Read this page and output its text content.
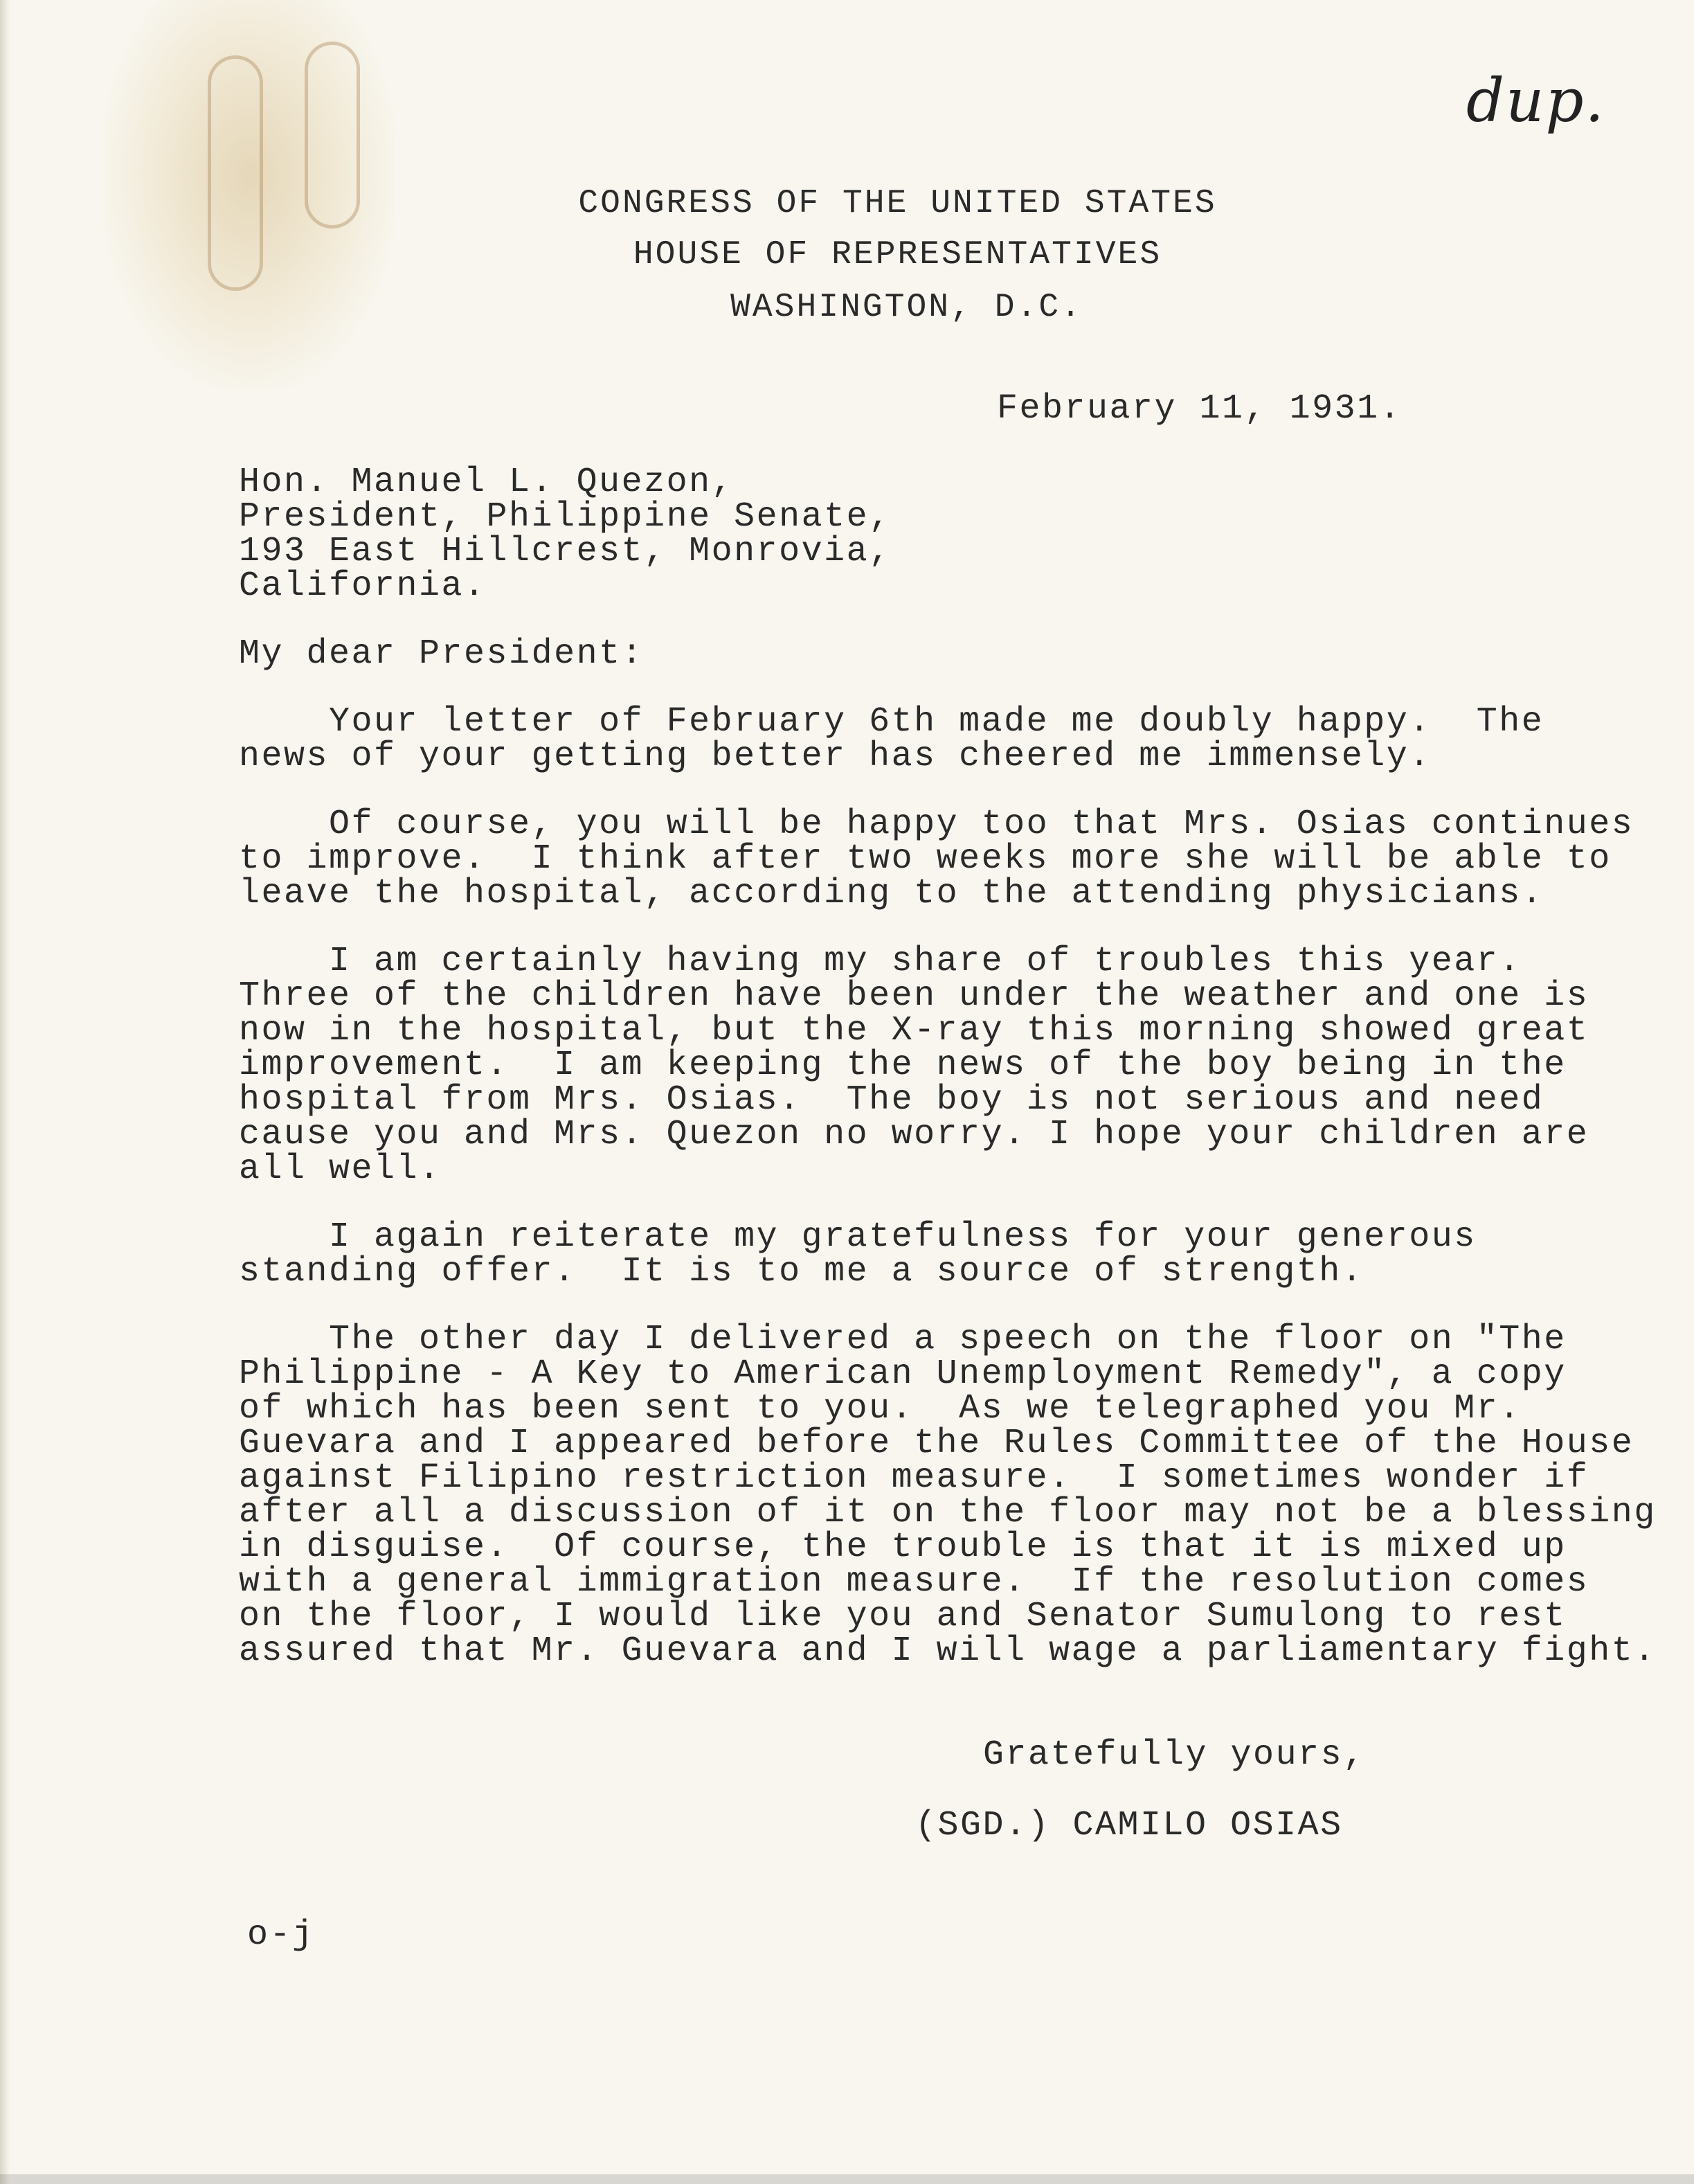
dup.
CONGRESS OF THE UNITED STATES
HOUSE OF REPRESENTATIVES
WASHINGTON, D.C.
February 11, 1931.
Hon. Manuel L. Quezon,
President, Philippine Senate,
193 East Hillcrest, Monrovia,
California.
My dear President:
Your letter of February 6th made me doubly happy.  The
news of your getting better has cheered me immensely.
Of course, you will be happy too that Mrs. Osias continues
to improve.  I think after two weeks more she will be able to
leave the hospital, according to the attending physicians.
I am certainly having my share of troubles this year.
Three of the children have been under the weather and one is
now in the hospital, but the X-ray this morning showed great
improvement.  I am keeping the news of the boy being in the
hospital from Mrs. Osias.  The boy is not serious and need
cause you and Mrs. Quezon no worry. I hope your children are
all well.
I again reiterate my gratefulness for your generous
standing offer.  It is to me a source of strength.
The other day I delivered a speech on the floor on "The
Philippine - A Key to American Unemployment Remedy", a copy
of which has been sent to you.  As we telegraphed you Mr.
Guevara and I appeared before the Rules Committee of the House
against Filipino restriction measure.  I sometimes wonder if
after all a discussion of it on the floor may not be a blessing
in disguise.  Of course, the trouble is that it is mixed up
with a general immigration measure.  If the resolution comes
on the floor, I would like you and Senator Sumulong to rest
assured that Mr. Guevara and I will wage a parliamentary fight.
Gratefully yours,
(SGD.) CAMILO OSIAS
o-j
